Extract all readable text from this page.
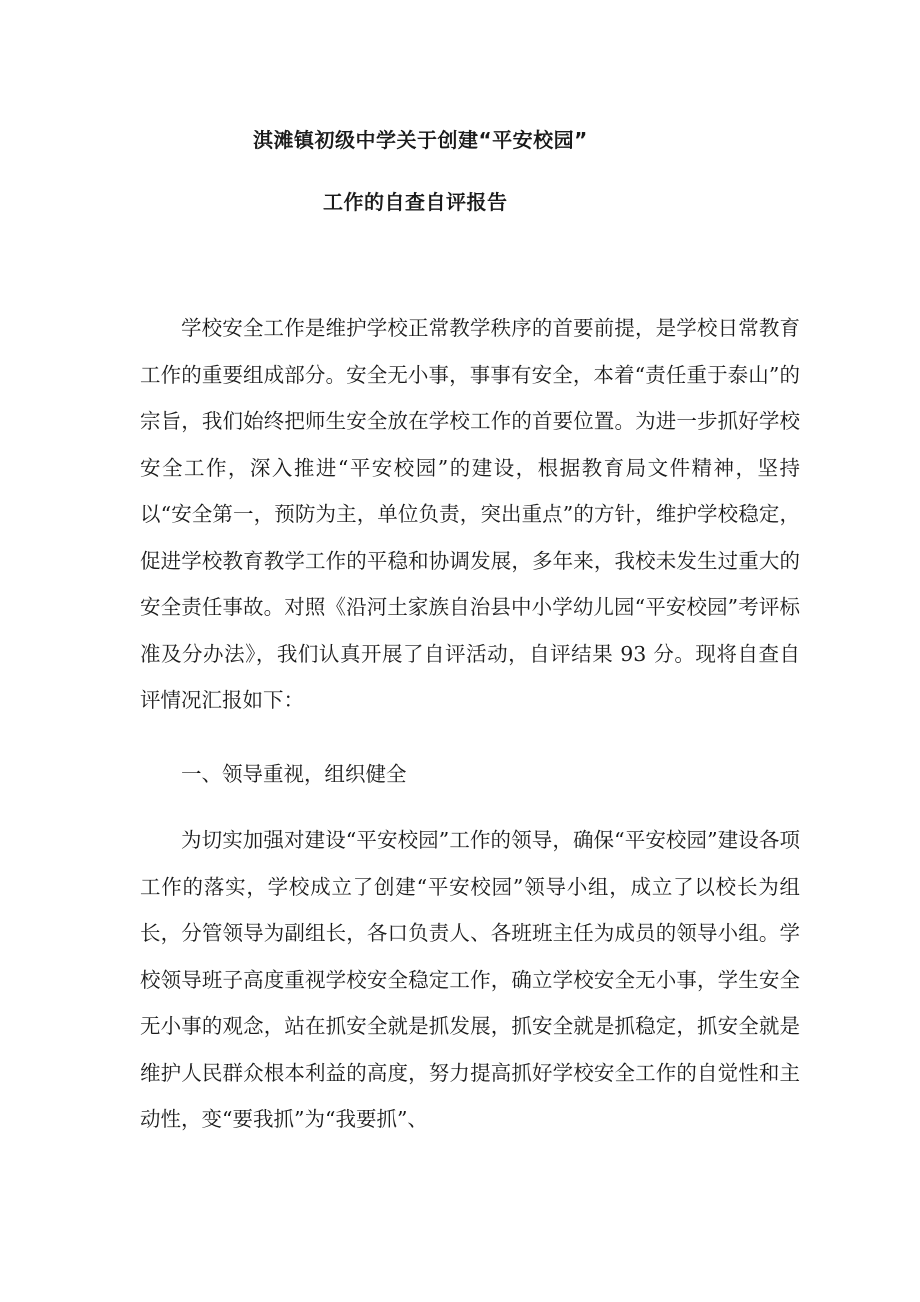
淇滩镇初级中学关于创建“平安校园”
工作的自查自评报告
学校安全工作是维护学校正常教学秩序的首要前提，是学校日常教育工作的重要组成部分。安全无小事，事事有安全，本着“责任重于泰山”的宗旨，我们始终把师生安全放在学校工作的首要位置。为进一步抓好学校安全工作，深入推进“平安校园”的建设，根据教育局文件精神，坚持以“安全第一，预防为主，单位负责，突出重点”的方针，维护学校稳定，促进学校教育教学工作的平稳和协调发展，多年来，我校未发生过重大的安全责任事故。对照《沿河土家族自治县中小学幼儿园“平安校园”考评标准及分办法》，我们认真开展了自评活动，自评结果 93 分。现将自查自评情况汇报如下：
一、领导重视，组织健全
为切实加强对建设“平安校园”工作的领导，确保“平安校园”建设各项工作的落实，学校成立了创建“平安校园”领导小组，成立了以校长为组长，分管领导为副组长，各口负责人、各班班主任为成员的领导小组。学校领导班子高度重视学校安全稳定工作，确立学校安全无小事，学生安全无小事的观念，站在抓安全就是抓发展，抓安全就是抓稳定，抓安全就是维护人民群众根本利益的高度，努力提高抓好学校安全工作的自觉性和主动性，变“要我抓”为“我要抓”、
